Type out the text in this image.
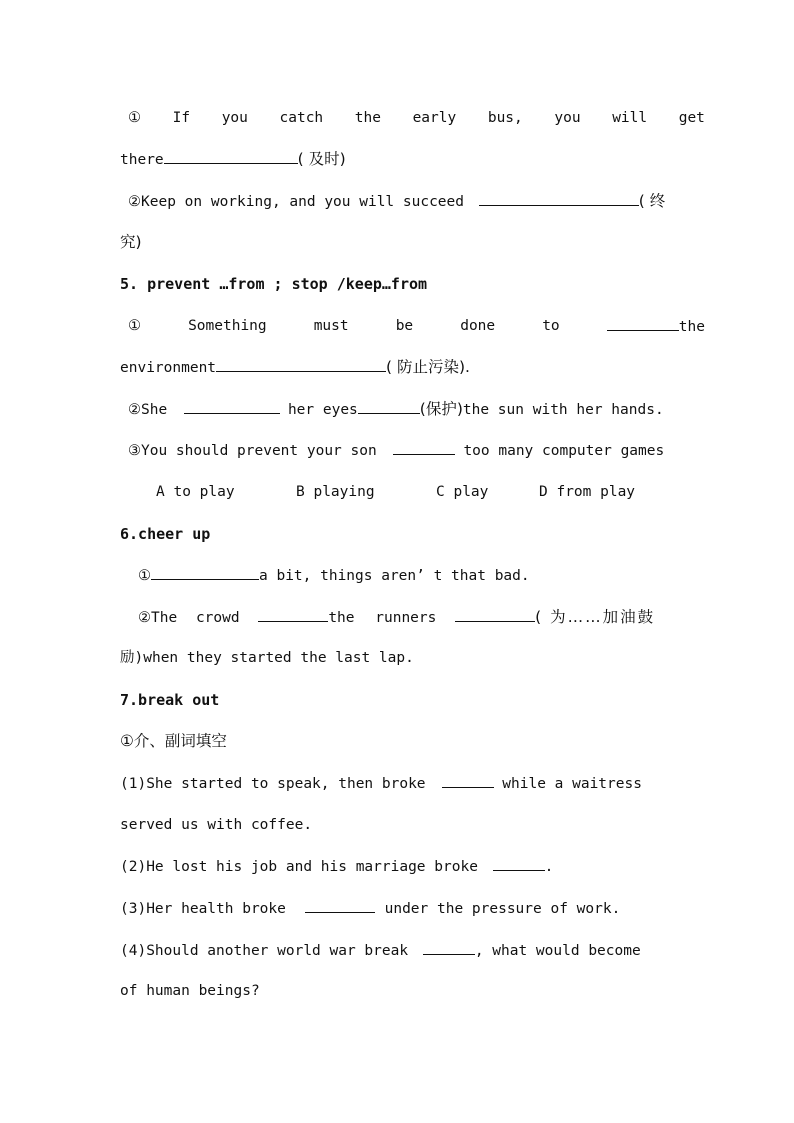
① If you catch the early bus, you will get
there	( 及时)
②Keep on working, and you will succeed	( 终
究)
5. prevent …from ; stop /keep…from
①	Something	must	be	done	to	the
environment	( 防止污染).
②She	her eyes	(保护)the sun with her hands.
③You should prevent your son	too many computer games
A to play	B playing	C play	D from play
6.cheer up
①	a bit, things aren’ t that bad.
②The crowd	the runners	( 为……加油鼓
励)when they started the last lap.
7.break out
①介、副词填空
(1)She started to speak, then broke	while a waitress
served us with coffee.
(2)He lost his job and his marriage broke	.
(3)Her health broke	under the pressure of work.
(4)Should another world war break	, what would become
of human beings?
